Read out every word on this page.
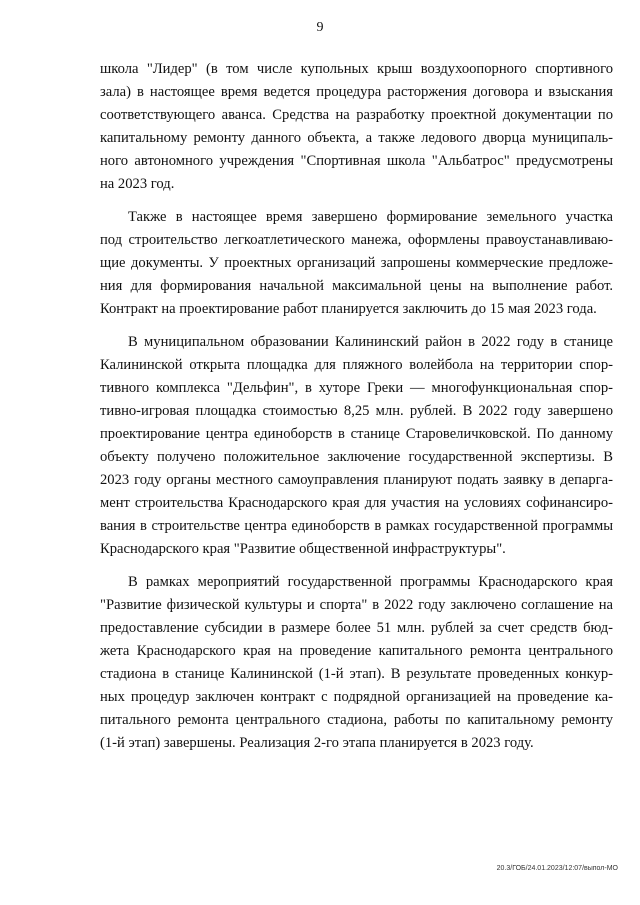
9
школа "Лидер" (в том числе купольных крыш воздухоопорного спортивного
зала) в настоящее время ведется процедура расторжения договора и взыскания
соответствующего аванса. Средства на разработку проектной документации по
капитальному ремонту данного объекта, а также ледового дворца муниципаль-
ного автономного учреждения "Спортивная школа "Альбатрос" предусмотрены
на 2023 год.
Также в настоящее время завершено формирование земельного участка
под строительство легкоатлетического манежа, оформлены правоустанавливаю-
щие документы. У проектных организаций запрошены коммерческие предложе-
ния для формирования начальной максимальной цены на выполнение работ.
Контракт на проектирование работ планируется заключить до 15 мая 2023 года.
В муниципальном образовании Калининский район в 2022 году в станице
Калининской открыта площадка для пляжного волейбола на территории спор-
тивного комплекса "Дельфин", в хуторе Греки — многофункциональная спор-
тивно-игровая площадка стоимостью 8,25 млн. рублей. В 2022 году завершено
проектирование центра единоборств в станице Старовеличковской. По данному
объекту получено положительное заключение государственной экспертизы. В
2023 году органы местного самоуправления планируют подать заявку в депарга-
мент строительства Краснодарского края для участия на условиях софинансиро-
вания в строительстве центра единоборств в рамках государственной программы
Краснодарского края "Развитие общественной инфраструктуры".
В рамках мероприятий государственной программы Краснодарского края
"Развитие физической культуры и спорта" в 2022 году заключено соглашение на
предоставление субсидии в размере более 51 млн. рублей за счет средств бюд-
жета Краснодарского края на проведение капитального ремонта центрального
стадиона в станице Калининской (1-й этап). В результате проведенных конкур-
ных процедур заключен контракт с подрядной организацией на проведение ка-
питального ремонта центрального стадиона, работы по капитальному ремонту
(1-й этап) завершены. Реализация 2-го этапа планируется в 2023 году.
20.3/ГОБ/24.01.2023/12:07/выпол-МО
